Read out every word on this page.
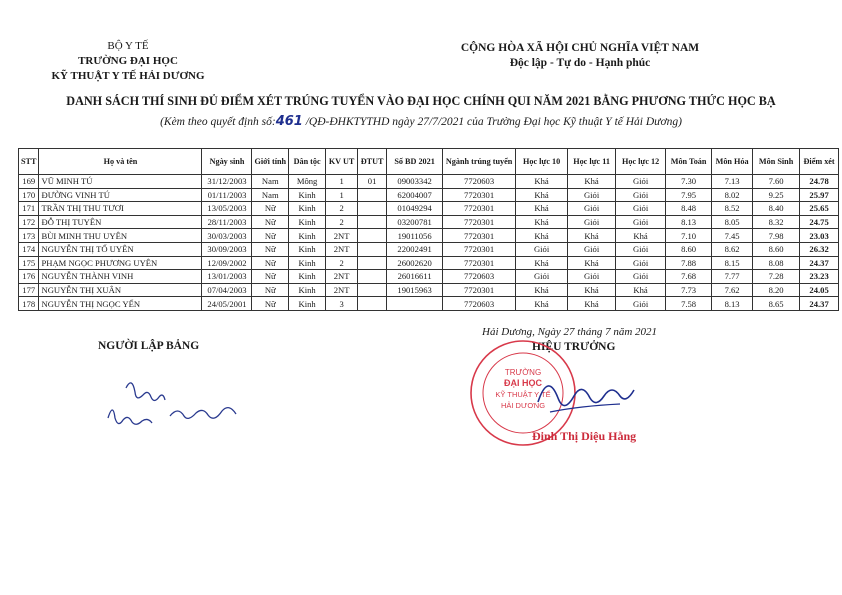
BỘ Y TẾ
TRƯỜNG ĐẠI HỌC
KỸ THUẬT Y TẾ HẢI DƯƠNG
CỘNG HÒA XÃ HỘI CHỦ NGHĨA VIỆT NAM
Độc lập - Tự do - Hạnh phúc
DANH SÁCH THÍ SINH ĐỦ ĐIỂM XÉT TRÚNG TUYỂN VÀO ĐẠI HỌC CHÍNH QUI NĂM 2021 BẰNG PHƯƠNG THỨC HỌC BẠ
(Kèm theo quyết định số:461 /QĐ-ĐHKTYTHD ngày 27/7/2021 của Trường Đại học Kỹ thuật Y tế Hải Dương)
STT	Họ và tên	Ngày sinh	Giới tính	Dân tộc	KV UT	ĐTUT	Số BD 2021	Ngành trúng tuyển	Học lực 10	Học lực 11	Học lực 12	Môn Toán	Môn Hóa	Môn Sinh	Điểm xét
169	VŨ MINH TÚ	31/12/2003	Nam	Mông	1	01	09003342	7720603	Khá	Khá	Giỏi	7.30	7.13	7.60	24.78
170	ĐƯỜNG VINH TÚ	01/11/2003	Nam	Kinh	1		62004007	7720301	Khá	Giỏi	Giỏi	7.95	8.02	9.25	25.97
171	TRẦN THỊ THU TƯƠI	13/05/2003	Nữ	Kinh	2		01049294	7720301	Khá	Giỏi	Giỏi	8.48	8.52	8.40	25.65
172	ĐỖ THỊ TUYÊN	28/11/2003	Nữ	Kinh	2		03200781	7720301	Khá	Giỏi	Giỏi	8.13	8.05	8.32	24.75
173	BÙI MINH THU UYÊN	30/03/2003	Nữ	Kinh	2NT		19011056	7720301	Khá	Khá	Khá	7.10	7.45	7.98	23.03
174	NGUYỄN THỊ TỐ UYÊN	30/09/2003	Nữ	Kinh	2NT		22002491	7720301	Giỏi	Giỏi	Giỏi	8.60	8.62	8.60	26.32
175	PHẠM NGỌC PHƯƠNG UYÊN	12/09/2002	Nữ	Kinh	2		26002620	7720301	Khá	Khá	Giỏi	7.88	8.15	8.08	24.37
176	NGUYỄN THÀNH VINH	13/01/2003	Nữ	Kinh	2NT		26016611	7720603	Giỏi	Giỏi	Giỏi	7.68	7.77	7.28	23.23
177	NGUYỄN THỊ XUÂN	07/04/2003	Nữ	Kinh	2NT		19015963	7720301	Khá	Khá	Khá	7.73	7.62	8.20	24.05
178	NGUYỄN THỊ NGỌC YẾN	24/05/2001	Nữ	Kinh	3			7720603	Khá	Khá	Giỏi	7.58	8.13	8.65	24.37
NGƯỜI LẬP BẢNG
Hải Dương, Ngày 27 tháng 7 năm 2021
HIỆU TRƯỞNG
TRƯỜNG
ĐẠI HỌC
KỸ THUẬT Y TẾ
HẢI DƯƠNG
Đinh Thị Diệu Hằng
